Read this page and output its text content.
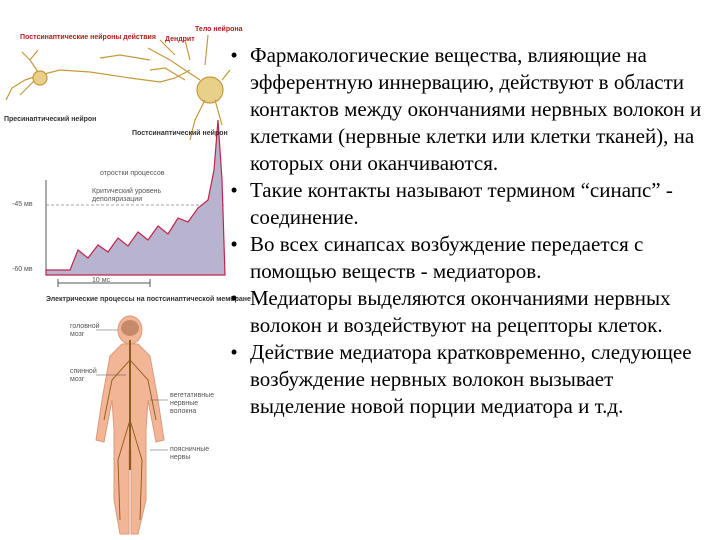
Постсинаптические нейроны действия Дендрит
Тело нейрона
Пресинаптический нейрон
Постсинаптический нейрон
отростки процессов
Критический уровень деполяризации
-45 мв
-60 мв
10 мс
Электрические процессы на постсинаптической мембране
головной мозг
спинной мозг
вегетативные нервные волокна
поясничные нервы
• Фармакологические вещества, влияющие на эфферентную иннервацию, действуют в области контактов между окончаниями нервных волокон и клетками (нервные клетки или клетки тканей), на которых они оканчиваются.
• Такие контакты называют термином “синапс” - соединение.
• Во всех синапсах возбуждение передается с помощью веществ - медиаторов.
• Медиаторы выделяются окончаниями нервных волокон и воздействуют на рецепторы клеток.
• Действие медиатора кратковременно, следующее возбуждение нервных волокон вызывает выделение новой порции медиатора и т.д.
